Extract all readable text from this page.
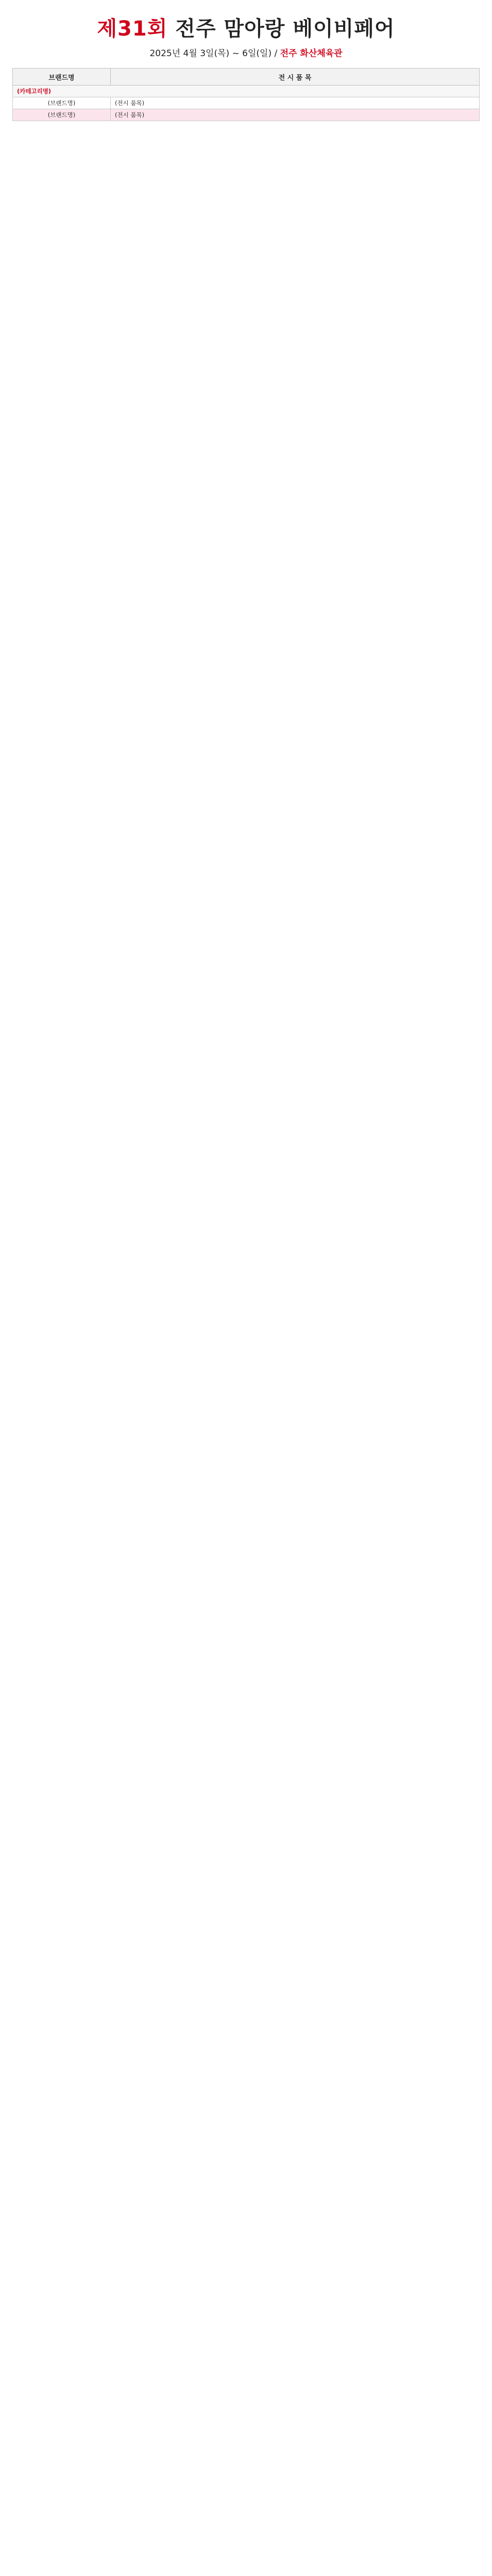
제31회 전주 맘아랑 베이비페어
2025년 4월 3일(목) ~ 6일(일) / 전주 화산체육관
브랜드명	전 시 품 목
(카테고리명)	
(브랜드명)	(전시 품목)
(브랜드명)	(전시 품목)
